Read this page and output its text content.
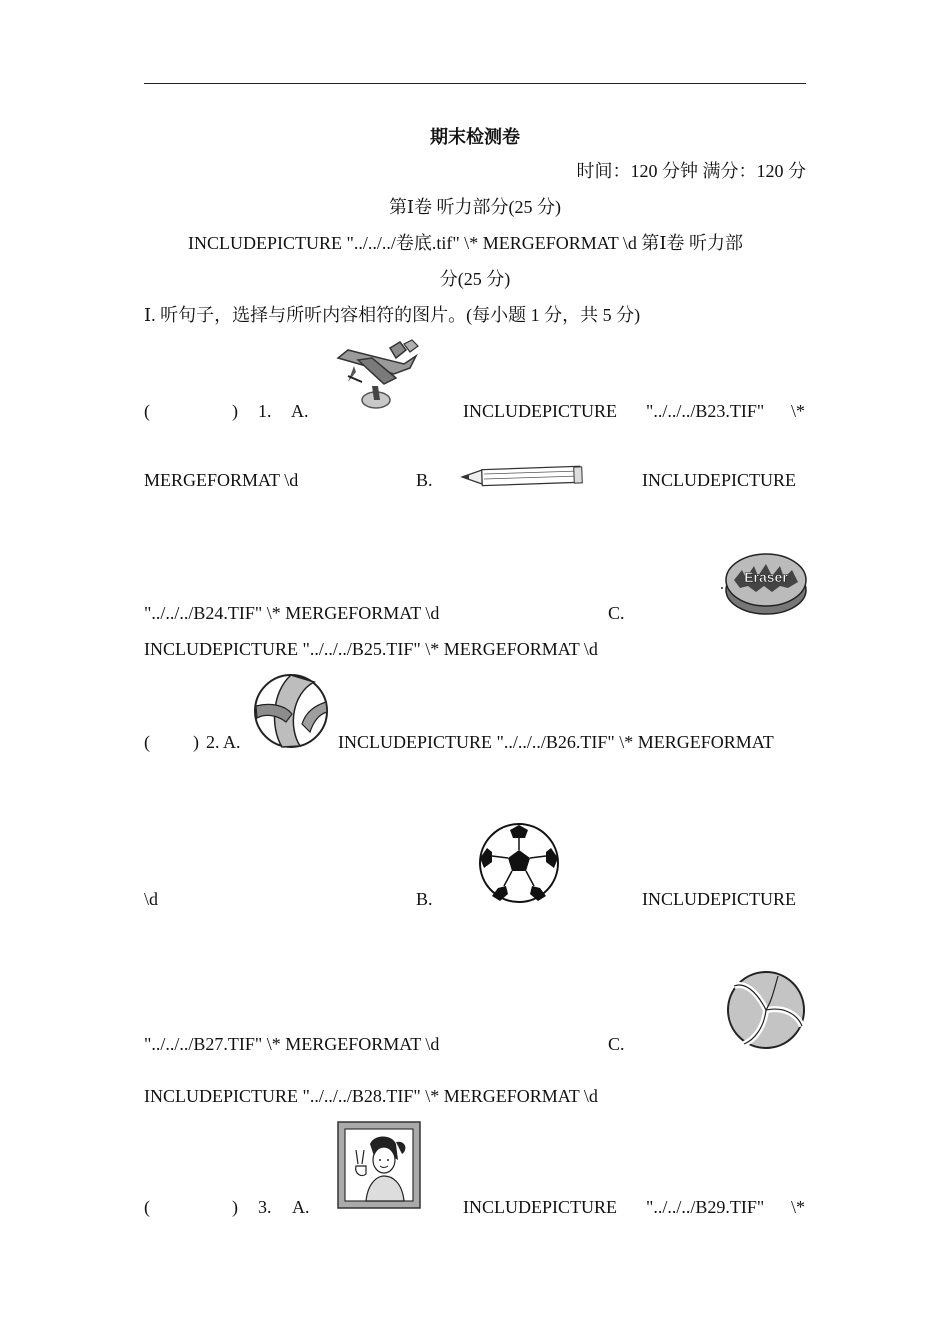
期末检测卷
时间：120 分钟 满分：120 分
第Ⅰ卷 听力部分(25 分)
INCLUDEPICTURE "../../../卷底.tif" \* MERGEFORMAT \d 第Ⅰ卷 听力部
分(25 分)
Ⅰ. 听句子，选择与所听内容相符的图片。(每小题 1 分，共 5 分)
(	) 1. A.	INCLUDEPICTURE "../../../B23.TIF" \*
MERGEFORMAT \d	B.	INCLUDEPICTURE
Eraser
"../../../B24.TIF" \* MERGEFORMAT \d	C.
INCLUDEPICTURE "../../../B25.TIF" \* MERGEFORMAT \d
( ) 2. A.	INCLUDEPICTURE "../../../B26.TIF" \* MERGEFORMAT
\d	B.	INCLUDEPICTURE
"../../../B27.TIF" \* MERGEFORMAT \d	C.
INCLUDEPICTURE "../../../B28.TIF" \* MERGEFORMAT \d
(	) 3. A.	INCLUDEPICTURE "../../../B29.TIF" \*
